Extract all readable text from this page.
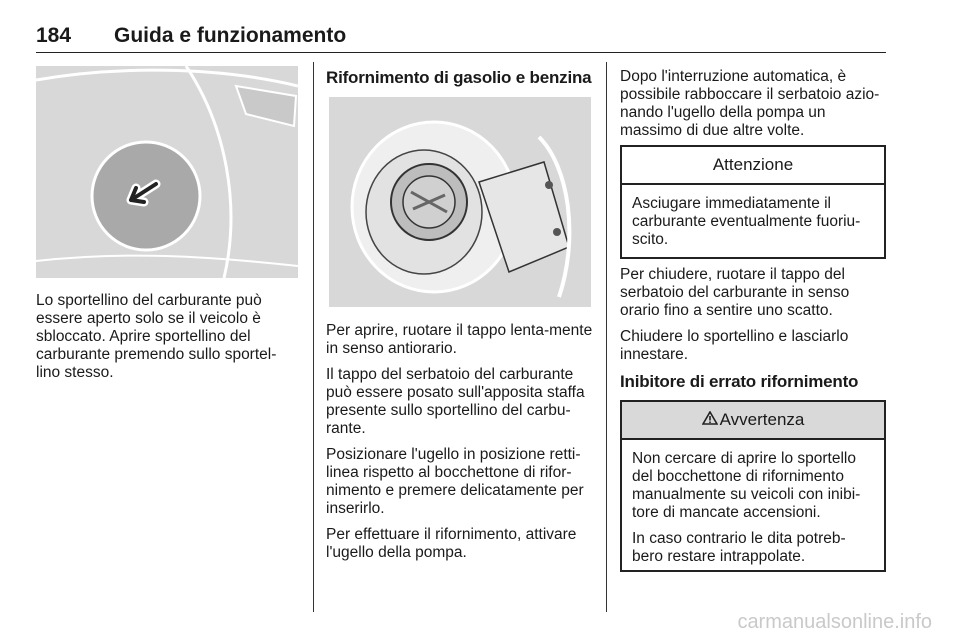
184 Guida e funzionamento

Lo sportellino del carburante può essere aperto solo se il veicolo è sbloccato. Aprire sportellino del carburante premendo sullo sportel-lino stesso.

Rifornimento di gasolio e benzina

Per aprire, ruotare il tappo lenta-mente in senso antiorario.

Il tappo del serbatoio del carburante può essere posato sull'apposita staffa presente sullo sportellino del carbu-rante.

Posizionare l'ugello in posizione retti-linea rispetto al bocchettone di rifor-nimento e premere delicatamente per inserirlo.

Per effettuare il rifornimento, attivare l'ugello della pompa.

Dopo l'interruzione automatica, è possibile rabboccare il serbatoio azio-nando l'ugello della pompa un massimo di due altre volte.

Attenzione

Asciugare immediatamente il carburante eventualmente fuoriu-scito.

Per chiudere, ruotare il tappo del serbatoio del carburante in senso orario fino a sentire uno scatto.

Chiudere lo sportellino e lasciarlo innestare.

Inibitore di errato rifornimento
Avvertenza

Non cercare di aprire lo sportello del bocchettone di rifornimento manualmente su veicoli con inibi-tore di mancate accensioni.

In caso contrario le dita potreb-bero restare intrappolate.

carmanualsonline.info
